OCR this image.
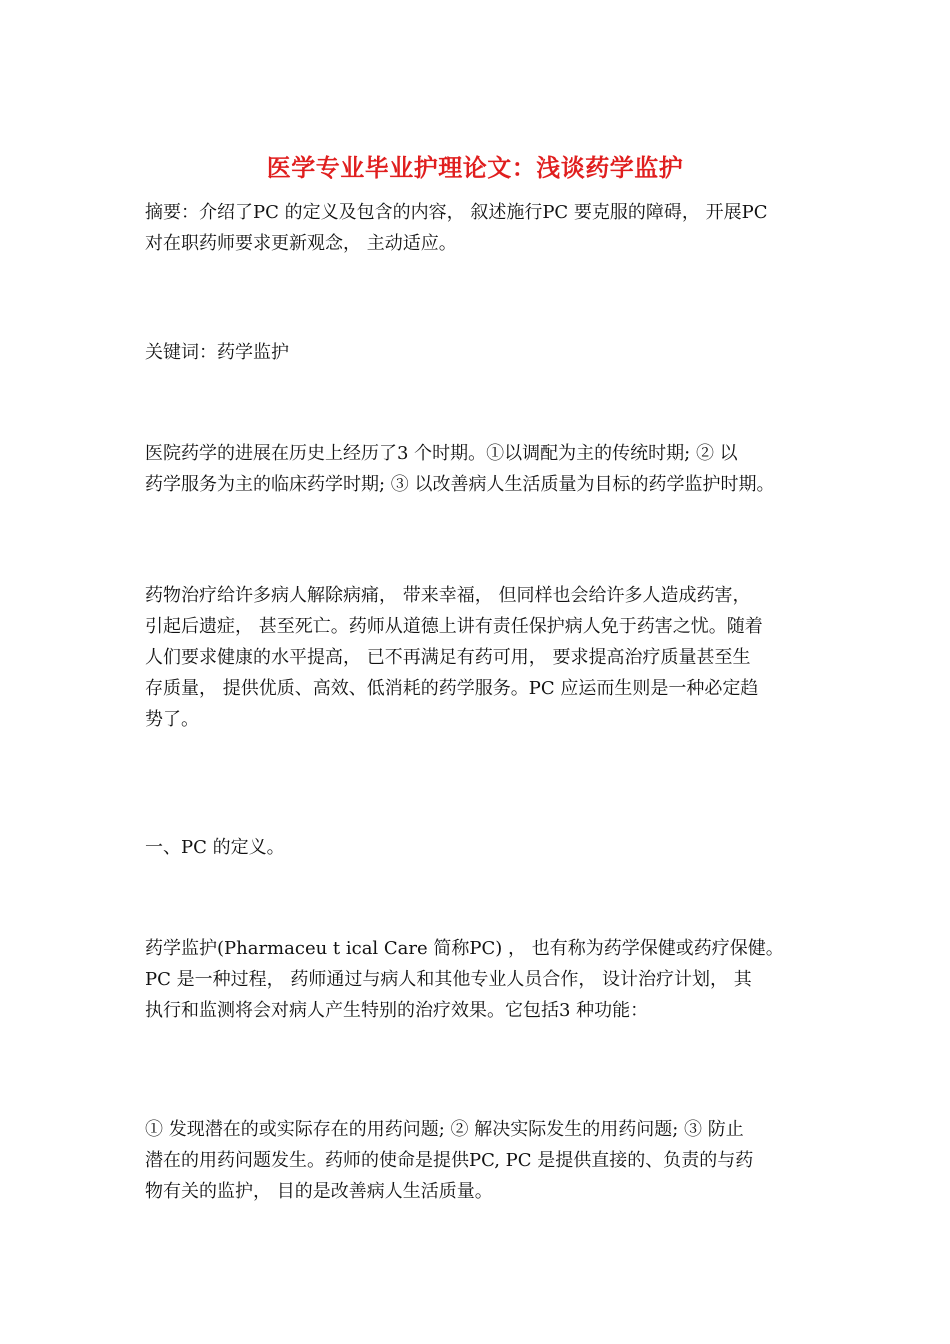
医学专业毕业护理论文：浅谈药学监护
摘要：介绍了PC 的定义及包含的内容， 叙述施行PC 要克服的障碍， 开展PC
对在职药师要求更新观念， 主动适应。
关键词：药学监护
医院药学的进展在历史上经历了3 个时期。①以调配为主的传统时期; ② 以
药学服务为主的临床药学时期; ③ 以改善病人生活质量为目标的药学监护时期。
药物治疗给许多病人解除病痛， 带来幸福， 但同样也会给许多人造成药害，
引起后遗症， 甚至死亡。药师从道德上讲有责任保护病人免于药害之忧。随着
人们要求健康的水平提高， 已不再满足有药可用， 要求提高治疗质量甚至生
存质量， 提供优质、高效、低消耗的药学服务。PC 应运而生则是一种必定趋
势了。
一、PC 的定义。
药学监护(Pharmaceu t ical Care 简称PC) ， 也有称为药学保健或药疗保健。
PC 是一种过程， 药师通过与病人和其他专业人员合作， 设计治疗计划， 其
执行和监测将会对病人产生特别的治疗效果。它包括3 种功能：
① 发现潜在的或实际存在的用药问题; ② 解决实际发生的用药问题; ③ 防止
潜在的用药问题发生。药师的使命是提供PC, PC 是提供直接的、负责的与药
物有关的监护， 目的是改善病人生活质量。
